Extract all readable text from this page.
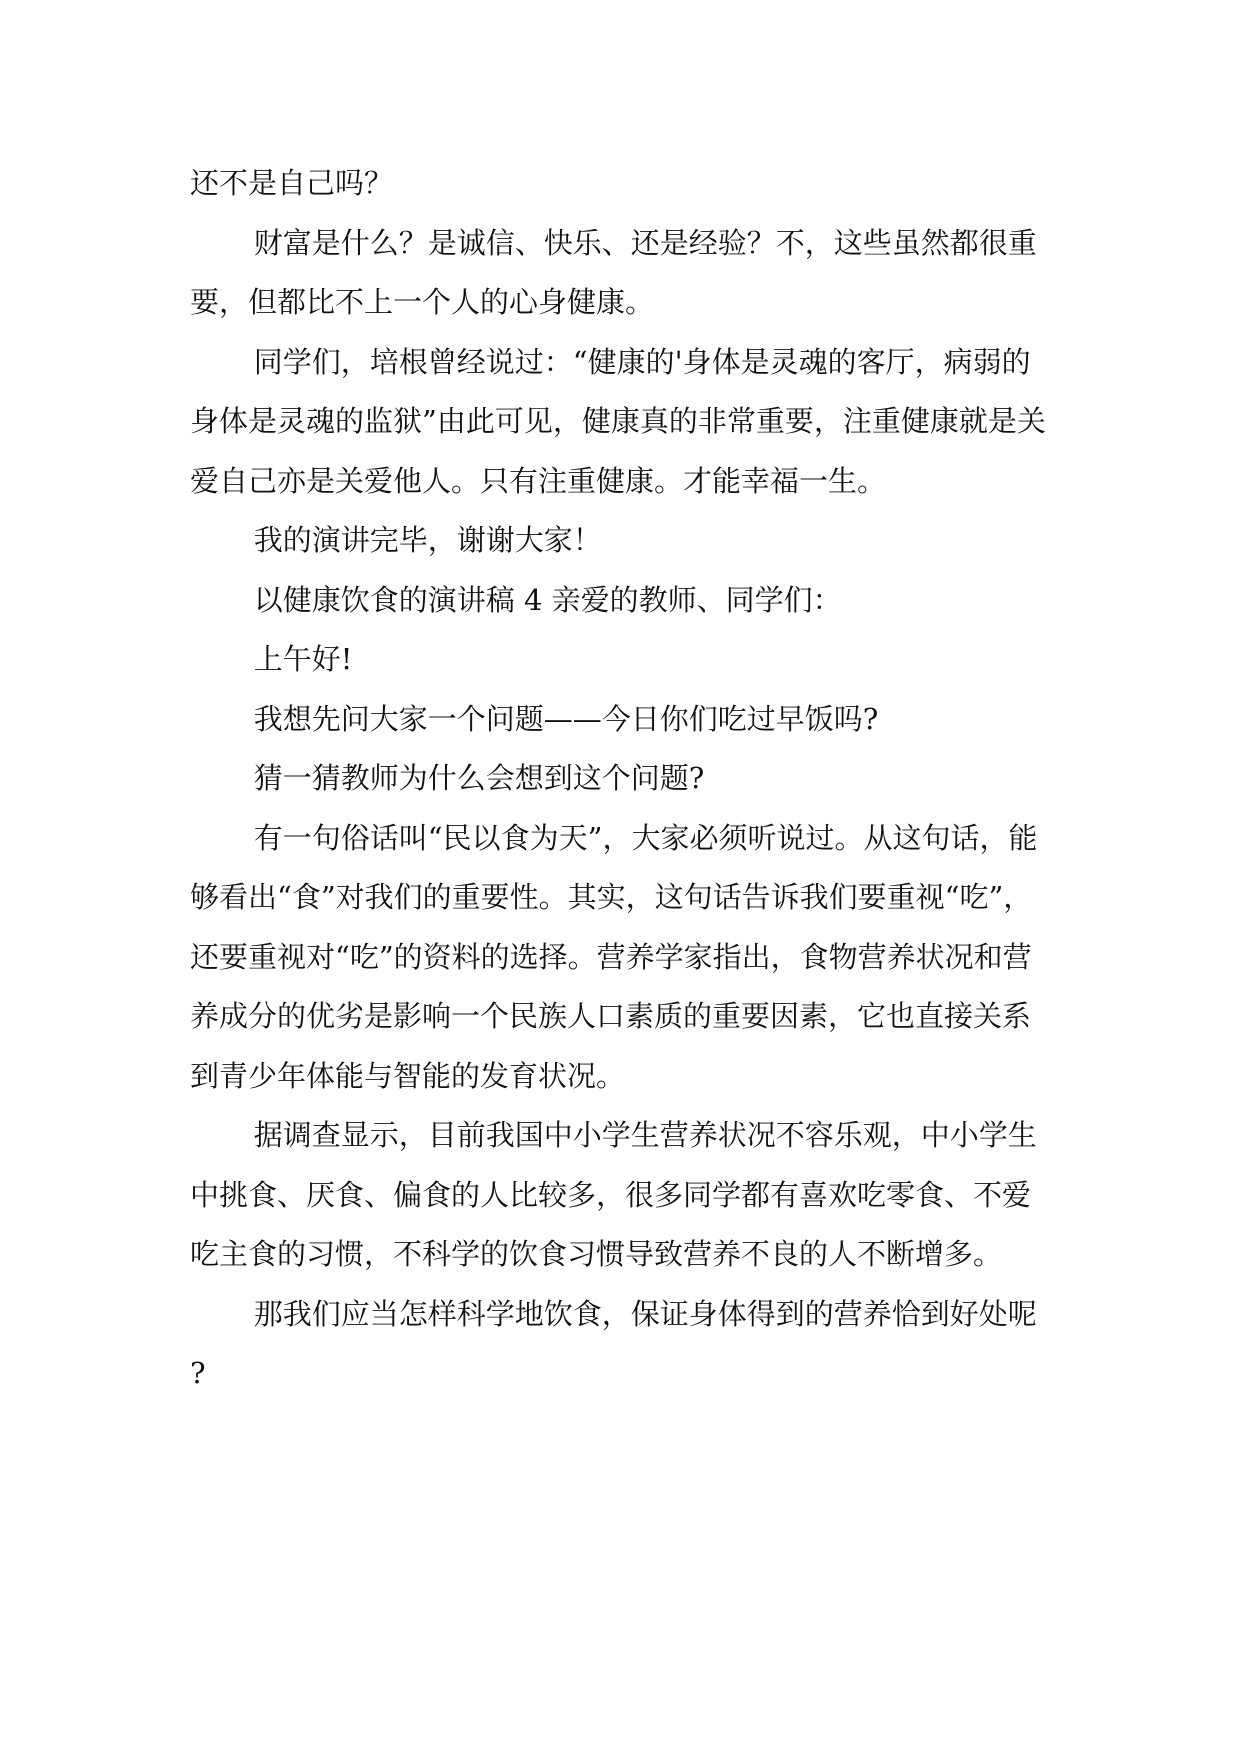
还不是自己吗？

财富是什么？是诚信、快乐、还是经验？不，这些虽然都很重要，但都比不上一个人的心身健康。

同学们，培根曾经说过：“健康的'身体是灵魂的客厅，病弱的身体是灵魂的监狱”由此可见，健康真的非常重要，注重健康就是关爱自己亦是关爱他人。只有注重健康。才能幸福一生。

我的演讲完毕，谢谢大家！

以健康饮食的演讲稿 4 亲爱的教师、同学们：

上午好!

我想先问大家一个问题——今日你们吃过早饭吗?

猜一猜教师为什么会想到这个问题?

有一句俗话叫“民以食为天”，大家必须听说过。从这句话，能够看出“食”对我们的重要性。其实，这句话告诉我们要重视“吃”，还要重视对“吃”的资料的选择。营养学家指出，食物营养状况和营养成分的优劣是影响一个民族人口素质的重要因素，它也直接关系到青少年体能与智能的发育状况。

据调查显示，目前我国中小学生营养状况不容乐观，中小学生中挑食、厌食、偏食的人比较多，很多同学都有喜欢吃零食、不爱吃主食的习惯，不科学的饮食习惯导致营养不良的人不断增多。

那我们应当怎样科学地饮食，保证身体得到的营养恰到好处呢?
